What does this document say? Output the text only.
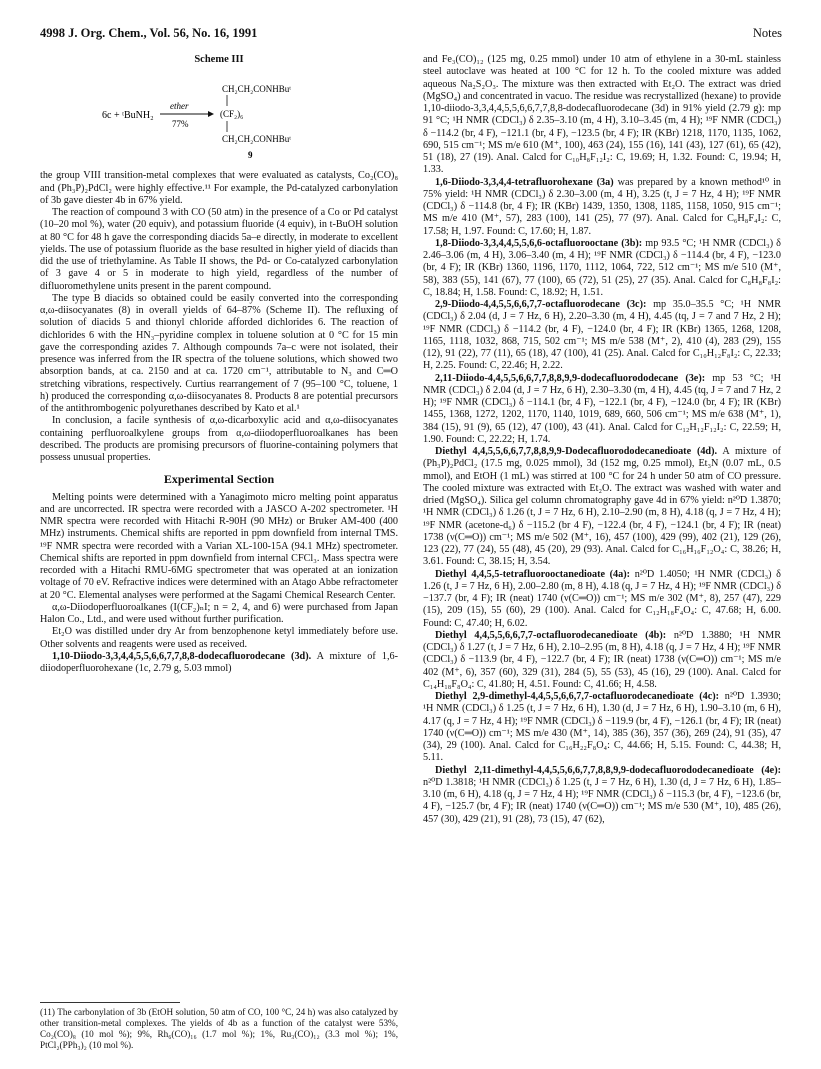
4998 J. Org. Chem., Vol. 56, No. 16, 1991	Notes
Scheme III
6c + ᵗBuNH₂
ether
77%
CH₂CH₂CONHBuᵗ
(CF₂)₆
CH₂CH₂CONHBuᵗ
9

the group VIII transition-metal complexes that were evaluated as catalysts, Co₂(CO)₈ and (Ph₃P)₂PdCl₂ were highly effective.¹¹ For example, the Pd-catalyzed carbonylation of 3b gave diester 4b in 67% yield.

The reaction of compound 3 with CO (50 atm) in the presence of a Co or Pd catalyst (10–20 mol %), water (20 equiv), and potassium fluoride (4 equiv), in t-BuOH solution at 80 °C for 48 h gave the corresponding diacids 5a–e directly, in moderate to excellent yields. The use of potassium fluoride as the base resulted in higher yield of diacids than did the use of triethylamine. As Table II shows, the Pd- or Co-catalyzed carbonylation of 3 gave 4 or 5 in moderate to high yield, regardless of the number of difluoromethylene units present in the parent compound.

The type B diacids so obtained could be easily converted into the corresponding α,ω-diisocyanates (8) in overall yields of 64–87% (Scheme II). The refluxing of solution of diacids 5 and thionyl chloride afforded dichlorides 6. The reaction of dichlorides 6 with the HN₃–pyridine complex in toluene solution at 0 °C for 15 min gave the corresponding azides 7. Although compounds 7a–c were not isolated, their presence was inferred from the IR spectra of the toluene solutions, which showed two absorption bands, at ca. 2150 and at ca. 1720 cm⁻¹, attributable to N₃ and C═O stretching vibrations, respectively. Curtius rearrangement of 7 (95–100 °C, toluene, 1 h) produced the corresponding α,ω-diisocyanates 8. Products 8 are potential precursors of the antithrombogenic polyurethanes described by Kato et al.¹

In conclusion, a facile synthesis of α,ω-dicarboxylic acid and α,ω-diisocyanates containing perfluoroalkylene groups from α,ω-diiodoperfluoroalkanes has been described. The products are promising precursors of fluorine-containing polymers that possess unusual properties.

Experimental Section

Melting points were determined with a Yanagimoto micro melting point apparatus and are uncorrected. IR spectra were recorded with a JASCO A-202 spectrometer. ¹H NMR spectra were recorded with Hitachi R-90H (90 MHz) or Bruker AM-400 (400 MHz) instruments. Chemical shifts are reported in ppm downfield from internal TMS. ¹⁹F NMR spectra were recorded with a Varian XL-100-15A (94.1 MHz) spectrometer. Chemical shifts are reported in ppm downfield from internal CFCl₃. Mass spectra were recorded with a Hitachi RMU-6MG spectrometer that was operated at an ionization voltage of 70 eV. Refractive indices were determined with an Atago Abbe refractometer at 20 °C. Elemental analyses were performed at the Sagami Chemical Research Center.

α,ω-Diiodoperfluoroalkanes (I(CF₂)ₙI; n = 2, 4, and 6) were purchased from Japan Halon Co., Ltd., and were used without further purification.

Et₂O was distilled under dry Ar from benzophenone ketyl immediately before use. Other solvents and reagents were used as received.

1,10-Diiodo-3,3,4,4,5,5,6,6,7,7,8,8-dodecafluorodecane (3d). A mixture of 1,6-diiodoperfluorohexane (1c, 2.79 g, 5.03 mmol)

(11) The carbonylation of 3b (EtOH solution, 50 atm of CO, 100 °C, 24 h) was also catalyzed by other transition-metal complexes. The yields of 4b as a function of the catalyst were 53%, Co₂(CO)₈ (10 mol %); 9%, Rh₆(CO)₁₆ (1.7 mol %); 1%, Ru₃(CO)₁₂ (3.3 mol %); 1%, PtCl₂(PPh₃)₂ (10 mol %).

and Fe₃(CO)₁₂ (125 mg, 0.25 mmol) under 10 atm of ethylene in a 30-mL stainless steel autoclave was heated at 100 °C for 12 h. To the cooled mixture was added aqueous Na₂S₂O₃. The mixture was then extracted with Et₂O. The extract was dried (MgSO₄) and concentrated in vacuo. The residue was recrystallized (hexane) to provide 1,10-diiodo-3,3,4,4,5,5,6,6,7,7,8,8-dodecafluorodecane (3d) in 91% yield (2.79 g): mp 91 °C; ¹H NMR (CDCl₃) δ 2.35–3.10 (m, 4 H), 3.10–3.45 (m, 4 H); ¹⁹F NMR (CDCl₃) δ −114.2 (br, 4 F), −121.1 (br, 4 F), −123.5 (br, 4 F); IR (KBr) 1218, 1170, 1135, 1062, 690, 515 cm⁻¹; MS m/e 610 (M⁺, 100), 463 (24), 155 (16), 141 (43), 127 (61), 65 (42), 51 (18), 27 (19). Anal. Calcd for C₁₀H₈F₁₂I₂: C, 19.69; H, 1.32. Found: C, 19.94; H, 1.33.

1,6-Diiodo-3,3,4,4-tetrafluorohexane (3a) was prepared by a known method¹⁰ in 75% yield: ¹H NMR (CDCl₃) δ 2.30–3.00 (m, 4 H), 3.25 (t, J = 7 Hz, 4 H); ¹⁹F NMR (CDCl₃) δ −114.8 (br, 4 F); IR (KBr) 1439, 1350, 1308, 1185, 1158, 1050, 915 cm⁻¹; MS m/e 410 (M⁺, 57), 283 (100), 141 (25), 77 (97). Anal. Calcd for C₆H₈F₄I₂: C, 17.58; H, 1.97. Found: C, 17.60; H, 1.87.

1,8-Diiodo-3,3,4,4,5,5,6,6-octafluorooctane (3b): mp 93.5 °C; ¹H NMR (CDCl₃) δ 2.46–3.06 (m, 4 H), 3.06–3.40 (m, 4 H); ¹⁹F NMR (CDCl₃) δ −114.4 (br, 4 F), −123.0 (br, 4 F); IR (KBr) 1360, 1196, 1170, 1112, 1064, 722, 512 cm⁻¹; MS m/e 510 (M⁺, 58), 383 (55), 141 (67), 77 (100), 65 (72), 51 (25), 27 (35). Anal. Calcd for C₈H₈F₈I₂: C, 18.84; H, 1.58. Found: C, 18.92; H, 1.51.

2,9-Diiodo-4,4,5,5,6,6,7,7-octafluorodecane (3c): mp 35.0–35.5 °C; ¹H NMR (CDCl₃) δ 2.04 (d, J = 7 Hz, 6 H), 2.20–3.30 (m, 4 H), 4.45 (tq, J = 7 and 7 Hz, 2 H); ¹⁹F NMR (CDCl₃) δ −114.2 (br, 4 F), −124.0 (br, 4 F); IR (KBr) 1365, 1268, 1208, 1165, 1118, 1032, 868, 715, 502 cm⁻¹; MS m/e 538 (M⁺, 2), 410 (4), 283 (29), 155 (12), 91 (22), 77 (11), 65 (18), 47 (100), 41 (25). Anal. Calcd for C₁₀H₁₂F₈I₂: C, 22.33; H, 2.25. Found: C, 22.46; H, 2.22.

2,11-Diiodo-4,4,5,5,6,6,7,7,8,8,9,9-dodecafluorododecane (3e): mp 53 °C; ¹H NMR (CDCl₃) δ 2.04 (d, J = 7 Hz, 6 H), 2.30–3.30 (m, 4 H), 4.45 (tq, J = 7 and 7 Hz, 2 H); ¹⁹F NMR (CDCl₃) δ −114.1 (br, 4 F), −122.1 (br, 4 F), −124.0 (br, 4 F); IR (KBr) 1455, 1368, 1272, 1202, 1170, 1140, 1019, 689, 660, 506 cm⁻¹; MS m/e 638 (M⁺, 1), 384 (15), 91 (9), 65 (12), 47 (100), 43 (41). Anal. Calcd for C₁₂H₁₂F₁₂I₂: C, 22.59; H, 1.90. Found: C, 22.22; H, 1.74.

Diethyl 4,4,5,5,6,6,7,7,8,8,9,9-Dodecafluorododecanedioate (4d). A mixture of (Ph₃P)₂PdCl₂ (17.5 mg, 0.025 mmol), 3d (152 mg, 0.25 mmol), Et₃N (0.07 mL, 0.5 mmol), and EtOH (1 mL) was stirred at 100 °C for 24 h under 50 atm of CO pressure. The cooled mixture was extracted with Et₂O. The extract was washed with water and dried (MgSO₄). Silica gel column chromatography gave 4d in 67% yield: n²⁰D 1.3870; ¹H NMR (CDCl₃) δ 1.26 (t, J = 7 Hz, 6 H), 2.10–2.90 (m, 8 H), 4.18 (q, J = 7 Hz, 4 H); ¹⁹F NMR (acetone-d₆) δ −115.2 (br 4 F), −122.4 (br, 4 F), −124.1 (br, 4 F); IR (neat) 1738 (ν(C═O)) cm⁻¹; MS m/e 502 (M⁺, 16), 457 (100), 429 (99), 402 (21), 129 (26), 123 (22), 77 (24), 55 (48), 45 (20), 29 (93). Anal. Calcd for C₁₆H₁₆F₁₂O₄: C, 38.26; H, 3.61. Found: C, 38.15; H, 3.54.

Diethyl 4,4,5,5-tetrafluorooctanedioate (4a): n²⁰D 1.4050; ¹H NMR (CDCl₃) δ 1.26 (t, J = 7 Hz, 6 H), 2.00–2.80 (m, 8 H), 4.18 (q, J = 7 Hz, 4 H); ¹⁹F NMR (CDCl₃) δ −137.7 (br, 4 F); IR (neat) 1740 (ν(C═O)) cm⁻¹; MS m/e 302 (M⁺, 8), 257 (47), 229 (15), 209 (15), 55 (60), 29 (100). Anal. Calcd for C₁₂H₁₈F₄O₄: C, 47.68; H, 6.00. Found: C, 47.40; H, 6.02.

Diethyl 4,4,5,5,6,6,7,7-octafluorodecanedioate (4b): n²⁰D 1.3880; ¹H NMR (CDCl₃) δ 1.27 (t, J = 7 Hz, 6 H), 2.10–2.95 (m, 8 H), 4.18 (q, J = 7 Hz, 4 H); ¹⁹F NMR (CDCl₃) δ −113.9 (br, 4 F), −122.7 (br, 4 F); IR (neat) 1738 (ν(C═O)) cm⁻¹; MS m/e 402 (M⁺, 6), 357 (60), 329 (31), 284 (5), 55 (53), 45 (16), 29 (100). Anal. Calcd for C₁₄H₁₈F₈O₄: C, 41.80; H, 4.51. Found: C, 41.66; H, 4.58.

Diethyl 2,9-dimethyl-4,4,5,5,6,6,7,7-octafluorodecanedioate (4c): n²⁰D 1.3930; ¹H NMR (CDCl₃) δ 1.25 (t, J = 7 Hz, 6 H), 1.30 (d, J = 7 Hz, 6 H), 1.90–3.10 (m, 6 H), 4.17 (q, J = 7 Hz, 4 H); ¹⁹F NMR (CDCl₃) δ −119.9 (br, 4 F), −126.1 (br, 4 F); IR (neat) 1740 (ν(C═O)) cm⁻¹; MS m/e 430 (M⁺, 14), 385 (36), 357 (36), 269 (24), 91 (35), 47 (34), 29 (100). Anal. Calcd for C₁₆H₂₂F₈O₄: C, 44.66; H, 5.15. Found: C, 44.38; H, 5.11.

Diethyl 2,11-dimethyl-4,4,5,5,6,6,7,7,8,8,9,9-dodecafluorododecanedioate (4e): n²⁰D 1.3818; ¹H NMR (CDCl₃) δ 1.25 (t, J = 7 Hz, 6 H), 1.30 (d, J = 7 Hz, 6 H), 1.85–3.10 (m, 6 H), 4.18 (q, J = 7 Hz, 4 H); ¹⁹F NMR (CDCl₃) δ −115.3 (br, 4 F), −123.6 (br, 4 F), −125.7 (br, 4 F); IR (neat) 1740 (ν(C═O)) cm⁻¹; MS m/e 530 (M⁺, 10), 485 (26), 457 (30), 429 (21), 91 (28), 73 (15), 47 (62),
